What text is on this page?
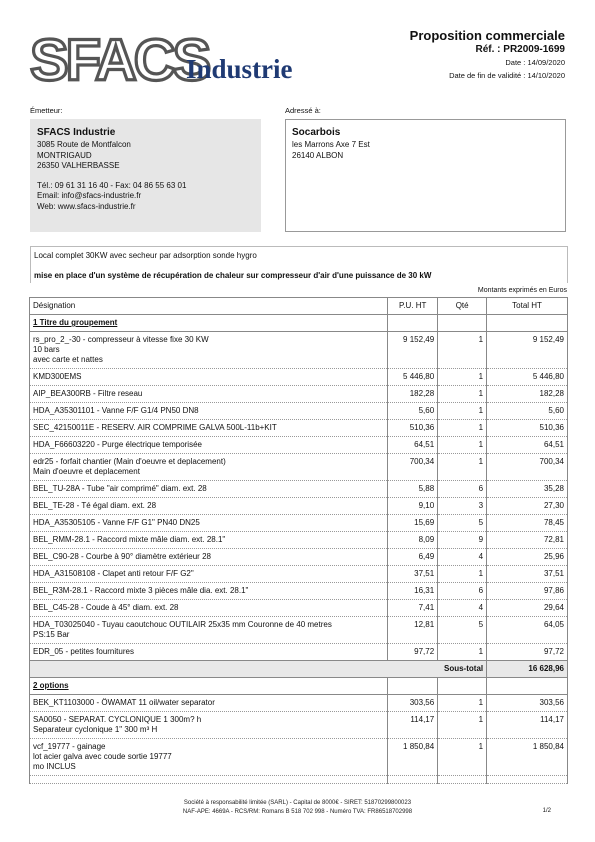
SFACS
Industrie
Proposition commerciale
Réf. : PR2009-1699
Date : 14/09/2020
Date de fin de validité : 14/10/2020
Émetteur:	Adressé à:
SFACS Industrie
3085 Route de Montfalcon
MONTRIGAUD
26350 VALHERBASSE
Tél.: 09 61 31 16 40 - Fax: 04 86 55 63 01
Email: info@sfacs-industrie.fr
Web: www.sfacs-industrie.fr
Socarbois
les Marrons Axe 7 Est
26140 ALBON
Local complet 30KW avec secheur par adsorption sonde hygro
mise en place d'un système de récupération de chaleur sur compresseur d'air d'une puissance de 30 kW
Montants exprimés en Euros
Désignation	P.U. HT	Qté	Total HT
1 Titre du groupement			

rs_pro_2_-30 - compresseur à vitesse fixe 30 KW
10 bars
avec carte et nattes	9 152,49	1	9 152,49

KMD300EMS	5 446,80	1	5 446,80

AIP_BEA300RB - Filtre reseau	182,28	1	182,28

HDA_A35301101 - Vanne F/F G1/4 PN50 DN8	5,60	1	5,60

SEC_42150011E - RESERV. AIR COMPRIME GALVA 500L-11b+KIT	510,36	1	510,36

HDA_F66603220 - Purge électrique temporisée	64,51	1	64,51

edr25 - forfait chantier (Main d'oeuvre et deplacement)
Main d'oeuvre et deplacement	700,34	1	700,34

BEL_TU-28A - Tube "air comprimé" diam. ext. 28	5,88	6	35,28

BEL_TE-28 - Té égal diam. ext. 28	9,10	3	27,30

HDA_A35305105 - Vanne F/F G1" PN40 DN25	15,69	5	78,45

BEL_RMM-28.1 - Raccord mixte mâle diam. ext. 28.1"	8,09	9	72,81

BEL_C90-28 - Courbe à 90° diamètre extérieur 28	6,49	4	25,96

HDA_A31508108 - Clapet anti retour F/F G2"	37,51	1	37,51

BEL_R3M-28.1 - Raccord mixte 3 pièces mâle dia. ext. 28.1"	16,31	6	97,86

BEL_C45-28 - Coude à 45° diam. ext. 28	7,41	4	29,64

HDA_T03025040 - Tuyau caoutchouc OUTILAIR 25x35 mm Couronne de 40 metres
PS:15 Bar	12,81	5	64,05

EDR_05 - petites fournitures	97,72	1	97,72
Sous-total			16 628,96
2 options			

BEK_KT1103000 - ÖWAMAT 11 oil/water separator	303,56	1	303,56

SA0050 - SEPARAT. CYCLONIQUE 1 300m? h
Separateur cyclonique 1" 300 m³ H	114,17	1	114,17

vcf_19777 - gainage
lot acier galva avec coude sortie 19777
mo INCLUS	1 850,84	1	1 850,84

Société à responsabilité limitée (SARL) - Capital de 8000€ - SIRET: 51870299800023
NAF-APE: 4669A - RCS/RM: Romans B 518 702 998 - Numéro TVA: FR86518702998	1/2
